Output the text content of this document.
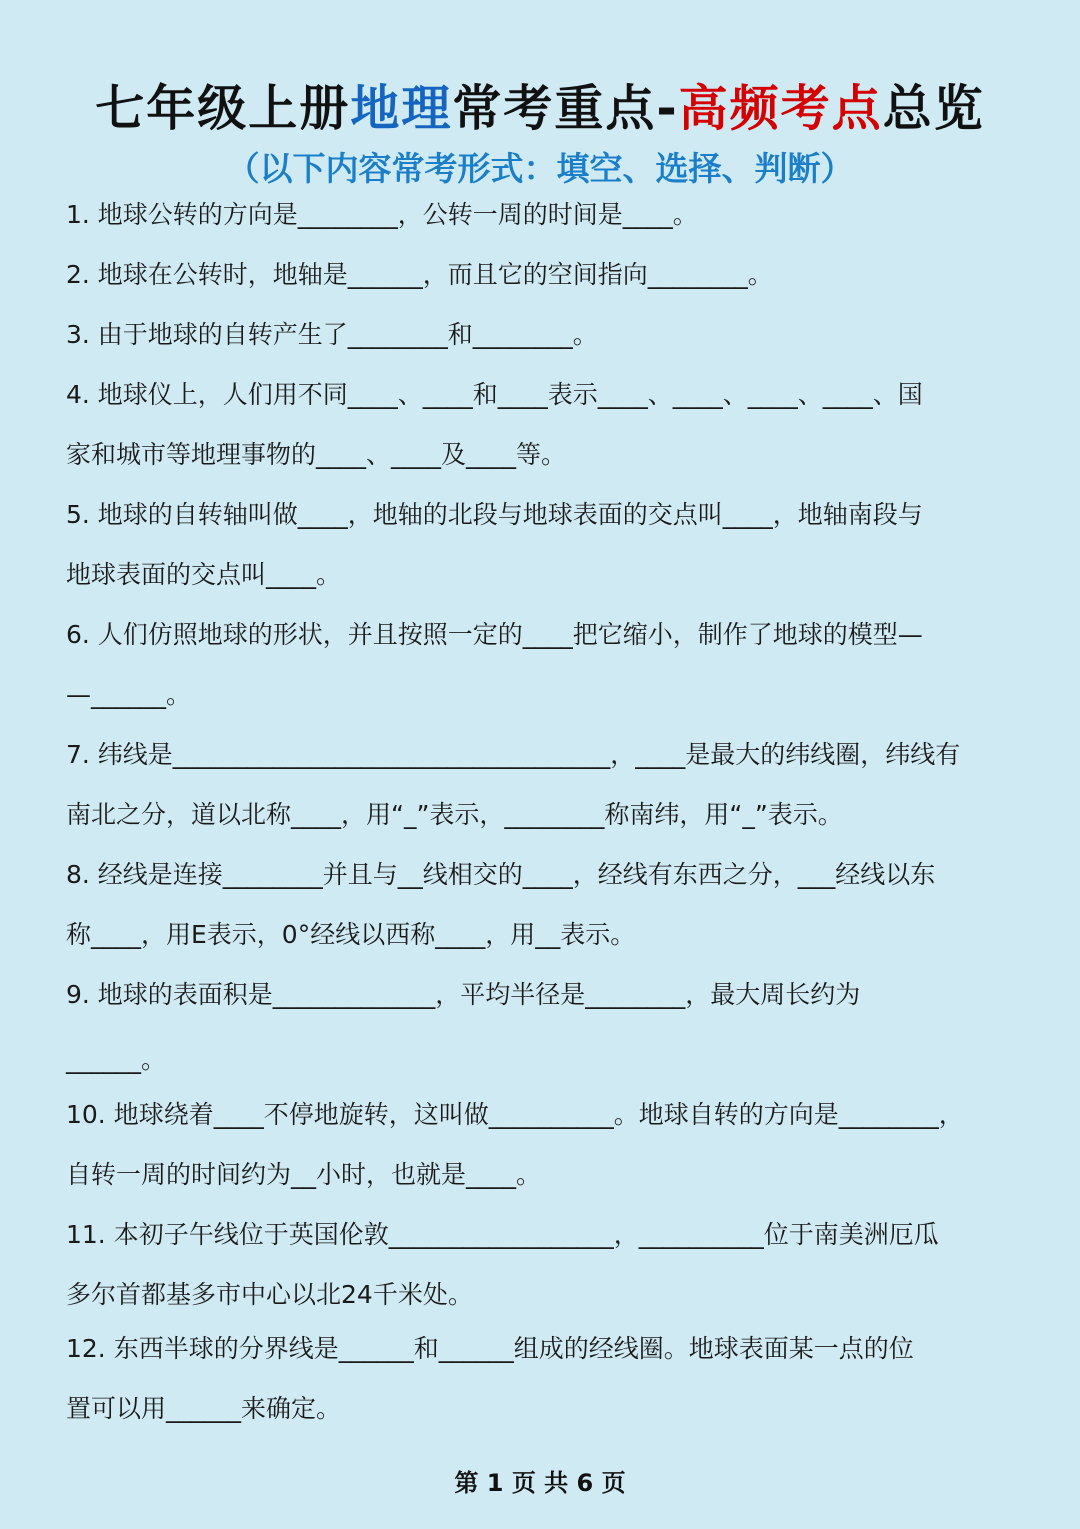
七年级上册地理常考重点-高频考点总览
（以下内容常考形式：填空、选择、判断）
1. 地球公转的方向是________，公转一周的时间是____。
2. 地球在公转时，地轴是______，而且它的空间指向________。
3. 由于地球的自转产生了________和________。
4. 地球仪上，人们用不同____、____和____表示____、____、____、____、国
家和城市等地理事物的____、____及____等。
5. 地球的自转轴叫做____，地轴的北段与地球表面的交点叫____，地轴南段与
地球表面的交点叫____。
6. 人们仿照地球的形状，并且按照一定的____把它缩小，制作了地球的模型—
—______。
7. 纬线是___________________________________，____是最大的纬线圈，纬线有
南北之分，道以北称____，用“_”表示，________称南纬，用“_”表示。
8. 经线是连接________并且与__线相交的____，经线有东西之分，___经线以东
称____，用E表示，0°经线以西称____，用__表示。
9. 地球的表面积是_____________，平均半径是________，最大周长约为
______。
10. 地球绕着____不停地旋转，这叫做__________。地球自转的方向是________，
自转一周的时间约为__小时，也就是____。
11. 本初子午线位于英国伦敦__________________，__________位于南美洲厄瓜
多尔首都基多市中心以北24千米处。
12. 东西半球的分界线是______和______组成的经线圈。地球表面某一点的位
置可以用______来确定。
第 1 页 共 6 页
